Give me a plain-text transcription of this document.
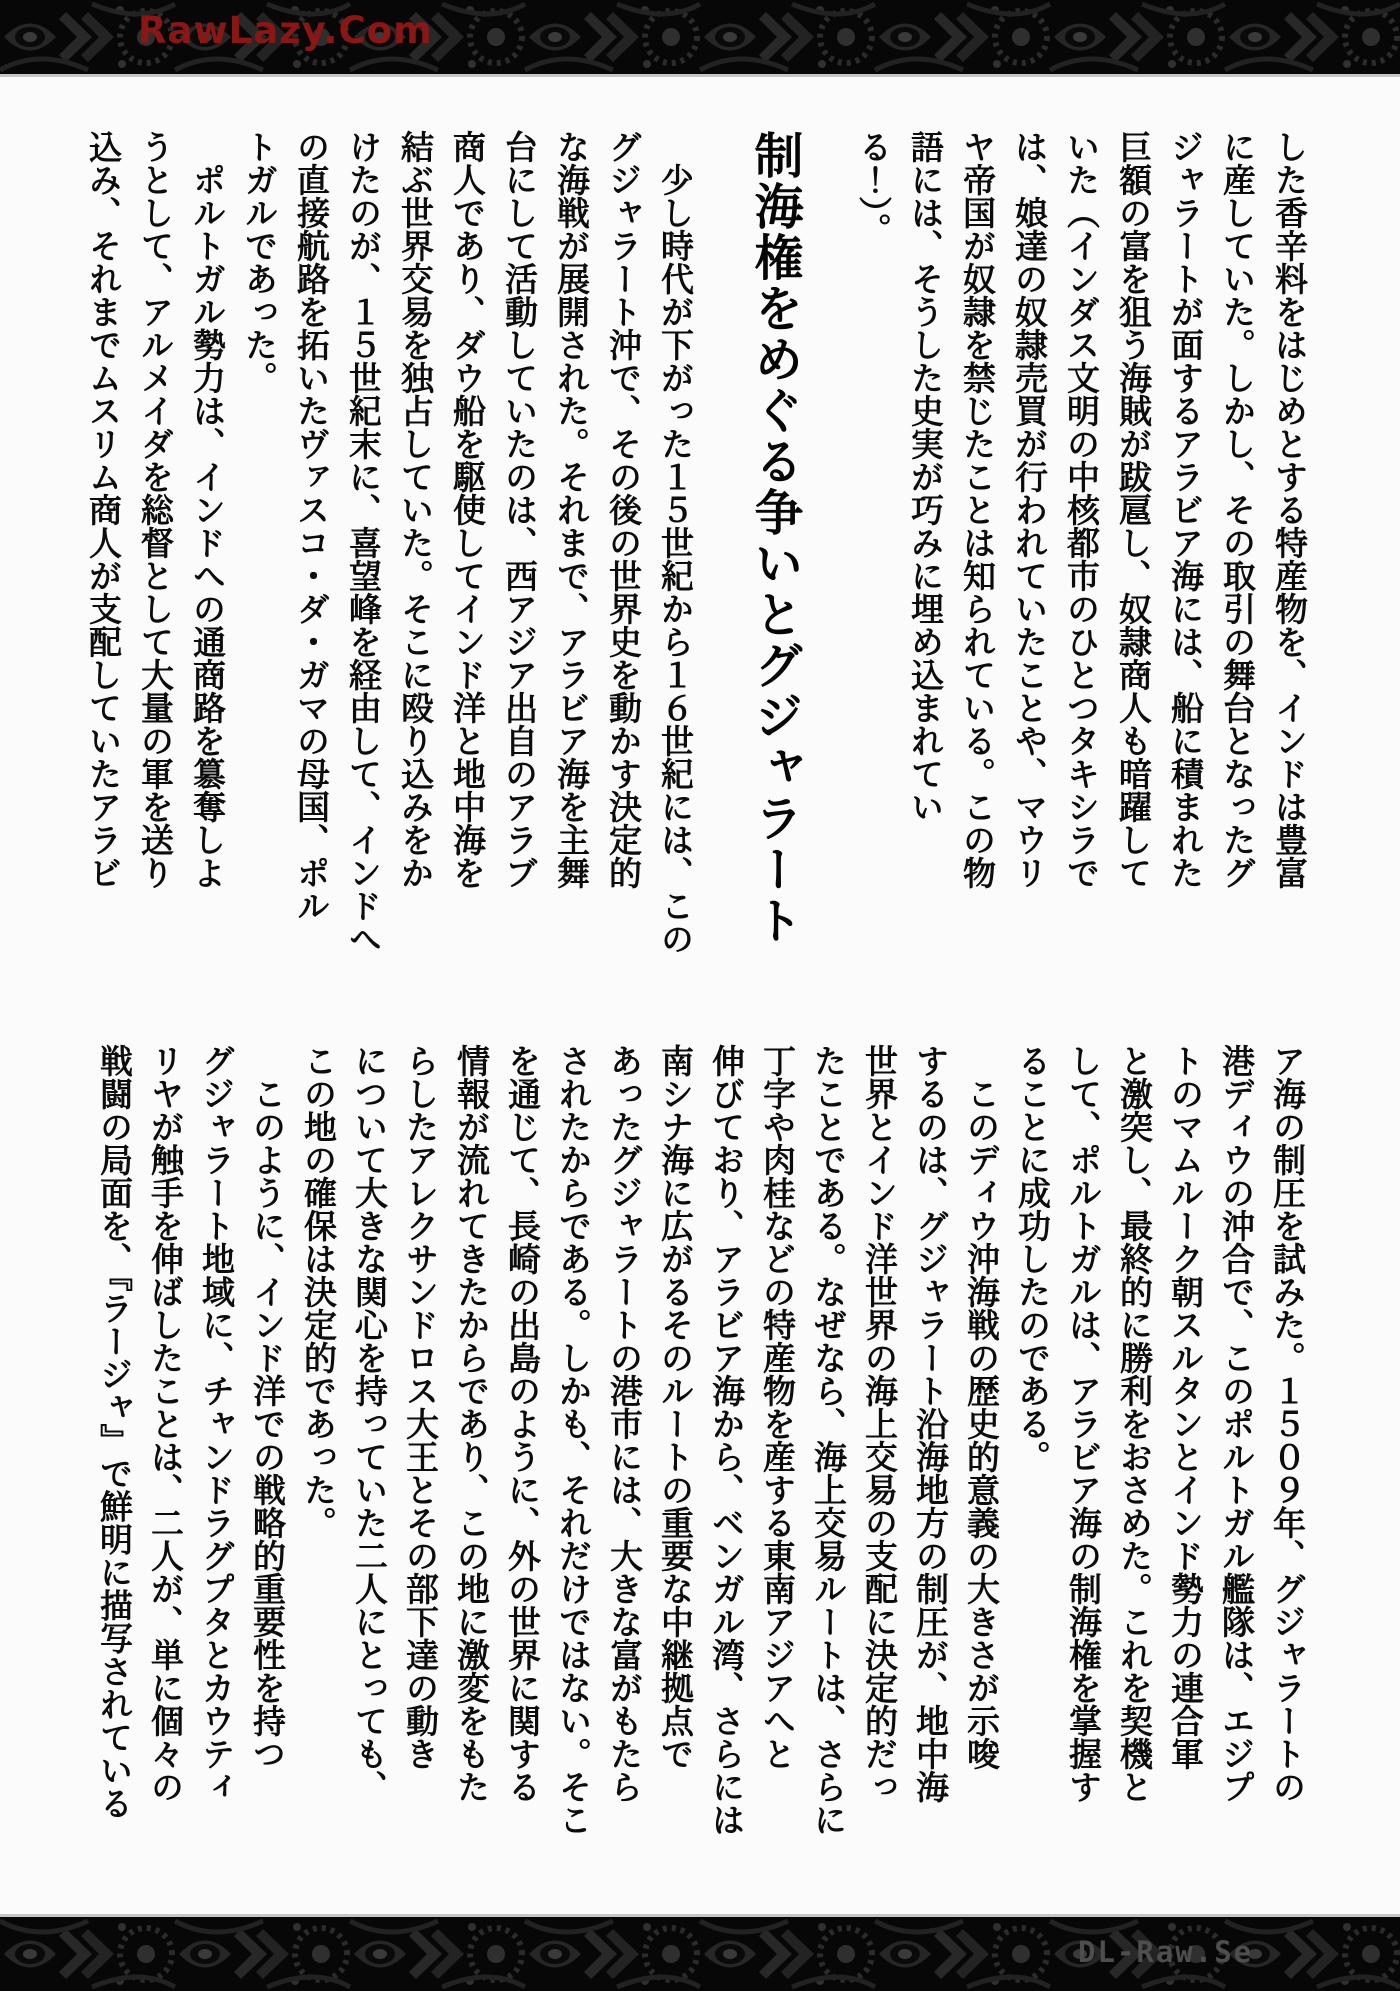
RawLazy.Com
した香辛料をはじめとする特産物を、インドは豊富
に産していた。しかし、その取引の舞台となったグ
ジャラートが面するアラビア海には、船に積まれた
巨額の富を狙う海賊が跋扈し、奴隷商人も暗躍して
いた（インダス文明の中核都市のひとつタキシラで
は、娘達の奴隷売買が行われていたことや、マウリ
ヤ帝国が奴隷を禁じたことは知られている。この物
語には、そうした史実が巧みに埋め込まれてい
る！）。
制海権をめぐる争いとグジャラート
　少し時代が下がった１５世紀から１６世紀には、この
グジャラート沖で、その後の世界史を動かす決定的
な海戦が展開された。それまで、アラビア海を主舞
台にして活動していたのは、西アジア出自のアラブ
商人であり、ダウ船を駆使してインド洋と地中海を
結ぶ世界交易を独占していた。そこに殴り込みをか
けたのが、１５世紀末に、喜望峰を経由して、インドへ
の直接航路を拓いたヴァスコ・ダ・ガマの母国、ポル
トガルであった。
　ポルトガル勢力は、インドへの通商路を簒奪しよ
うとして、アルメイダを総督として大量の軍を送り
込み、それまでムスリム商人が支配していたアラビ
ア海の制圧を試みた。１５０９年、グジャラートの
港ディウの沖合で、このポルトガル艦隊は、エジプ
トのマムルーク朝スルタンとインド勢力の連合軍
と激突し、最終的に勝利をおさめた。これを契機と
して、ポルトガルは、アラビア海の制海権を掌握す
ることに成功したのである。
　このディウ沖海戦の歴史的意義の大きさが示唆
するのは、グジャラート沿海地方の制圧が、地中海
世界とインド洋世界の海上交易の支配に決定的だっ
たことである。なぜなら、海上交易ルートは、さらに
丁字や肉桂などの特産物を産する東南アジアへと
伸びており、アラビア海から、ベンガル湾、さらには
南シナ海に広がるそのルートの重要な中継拠点で
あったグジャラートの港市には、大きな富がもたら
されたからである。しかも、それだけではない。そこ
を通じて、長崎の出島のように、外の世界に関する
情報が流れてきたからであり、この地に激変をもた
らしたアレクサンドロス大王とその部下達の動き
について大きな関心を持っていた二人にとっても、
この地の確保は決定的であった。
　このように、インド洋での戦略的重要性を持つ
グジャラート地域に、チャンドラグプタとカウティ
リヤが触手を伸ばしたことは、二人が、単に個々の
戦闘の局面を、『ラージャ』で鮮明に描写されている
DL-Raw.Se
